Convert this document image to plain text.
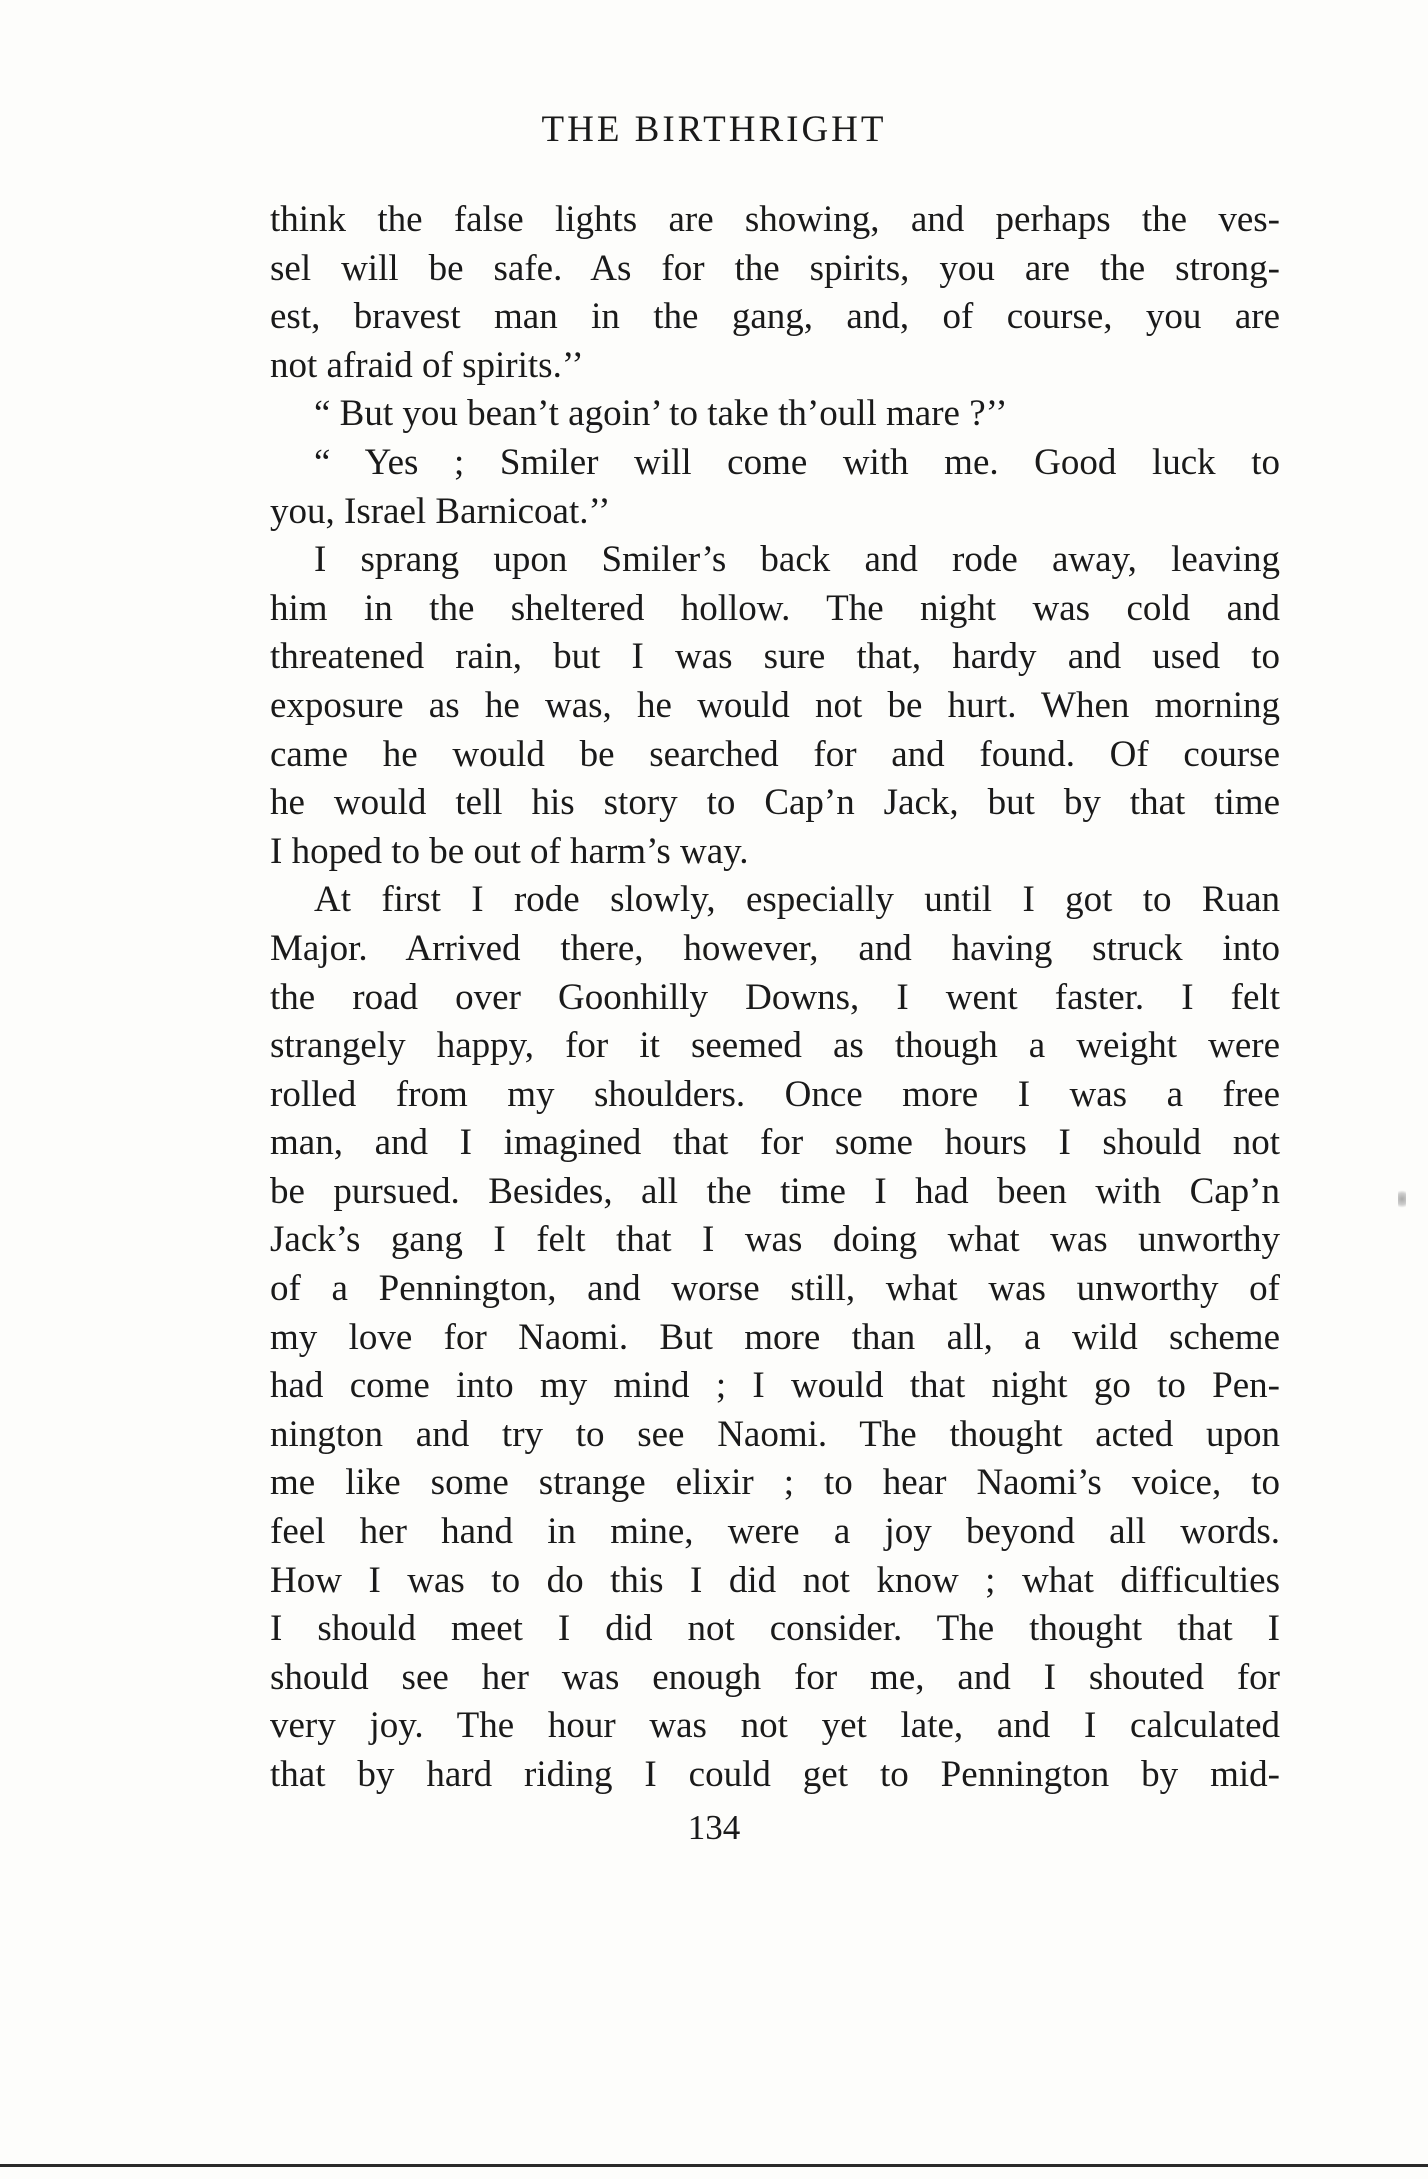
THE BIRTHRIGHT
think the false lights are showing, and perhaps the ves-
sel will be safe. As for the spirits, you are the strong-
est, bravest man in the gang, and, of course, you are
not afraid of spirits.’’
“ But you bean’t agoin’ to take th’oull mare ?’’
“ Yes ; Smiler will come with me. Good luck to
you, Israel Barnicoat.’’
I sprang upon Smiler’s back and rode away, leaving
him in the sheltered hollow. The night was cold and
threatened rain, but I was sure that, hardy and used to
exposure as he was, he would not be hurt. When morning
came he would be searched for and found. Of course
he would tell his story to Cap’n Jack, but by that time
I hoped to be out of harm’s way.
At first I rode slowly, especially until I got to Ruan
Major. Arrived there, however, and having struck into
the road over Goonhilly Downs, I went faster. I felt
strangely happy, for it seemed as though a weight were
rolled from my shoulders. Once more I was a free
man, and I imagined that for some hours I should not
be pursued. Besides, all the time I had been with Cap’n
Jack’s gang I felt that I was doing what was unworthy
of a Pennington, and worse still, what was unworthy of
my love for Naomi. But more than all, a wild scheme
had come into my mind ; I would that night go to Pen-
nington and try to see Naomi. The thought acted upon
me like some strange elixir ; to hear Naomi’s voice, to
feel her hand in mine, were a joy beyond all words.
How I was to do this I did not know ; what difficulties
I should meet I did not consider. The thought that I
should see her was enough for me, and I shouted for
very joy. The hour was not yet late, and I calculated
that by hard riding I could get to Pennington by mid-
134
